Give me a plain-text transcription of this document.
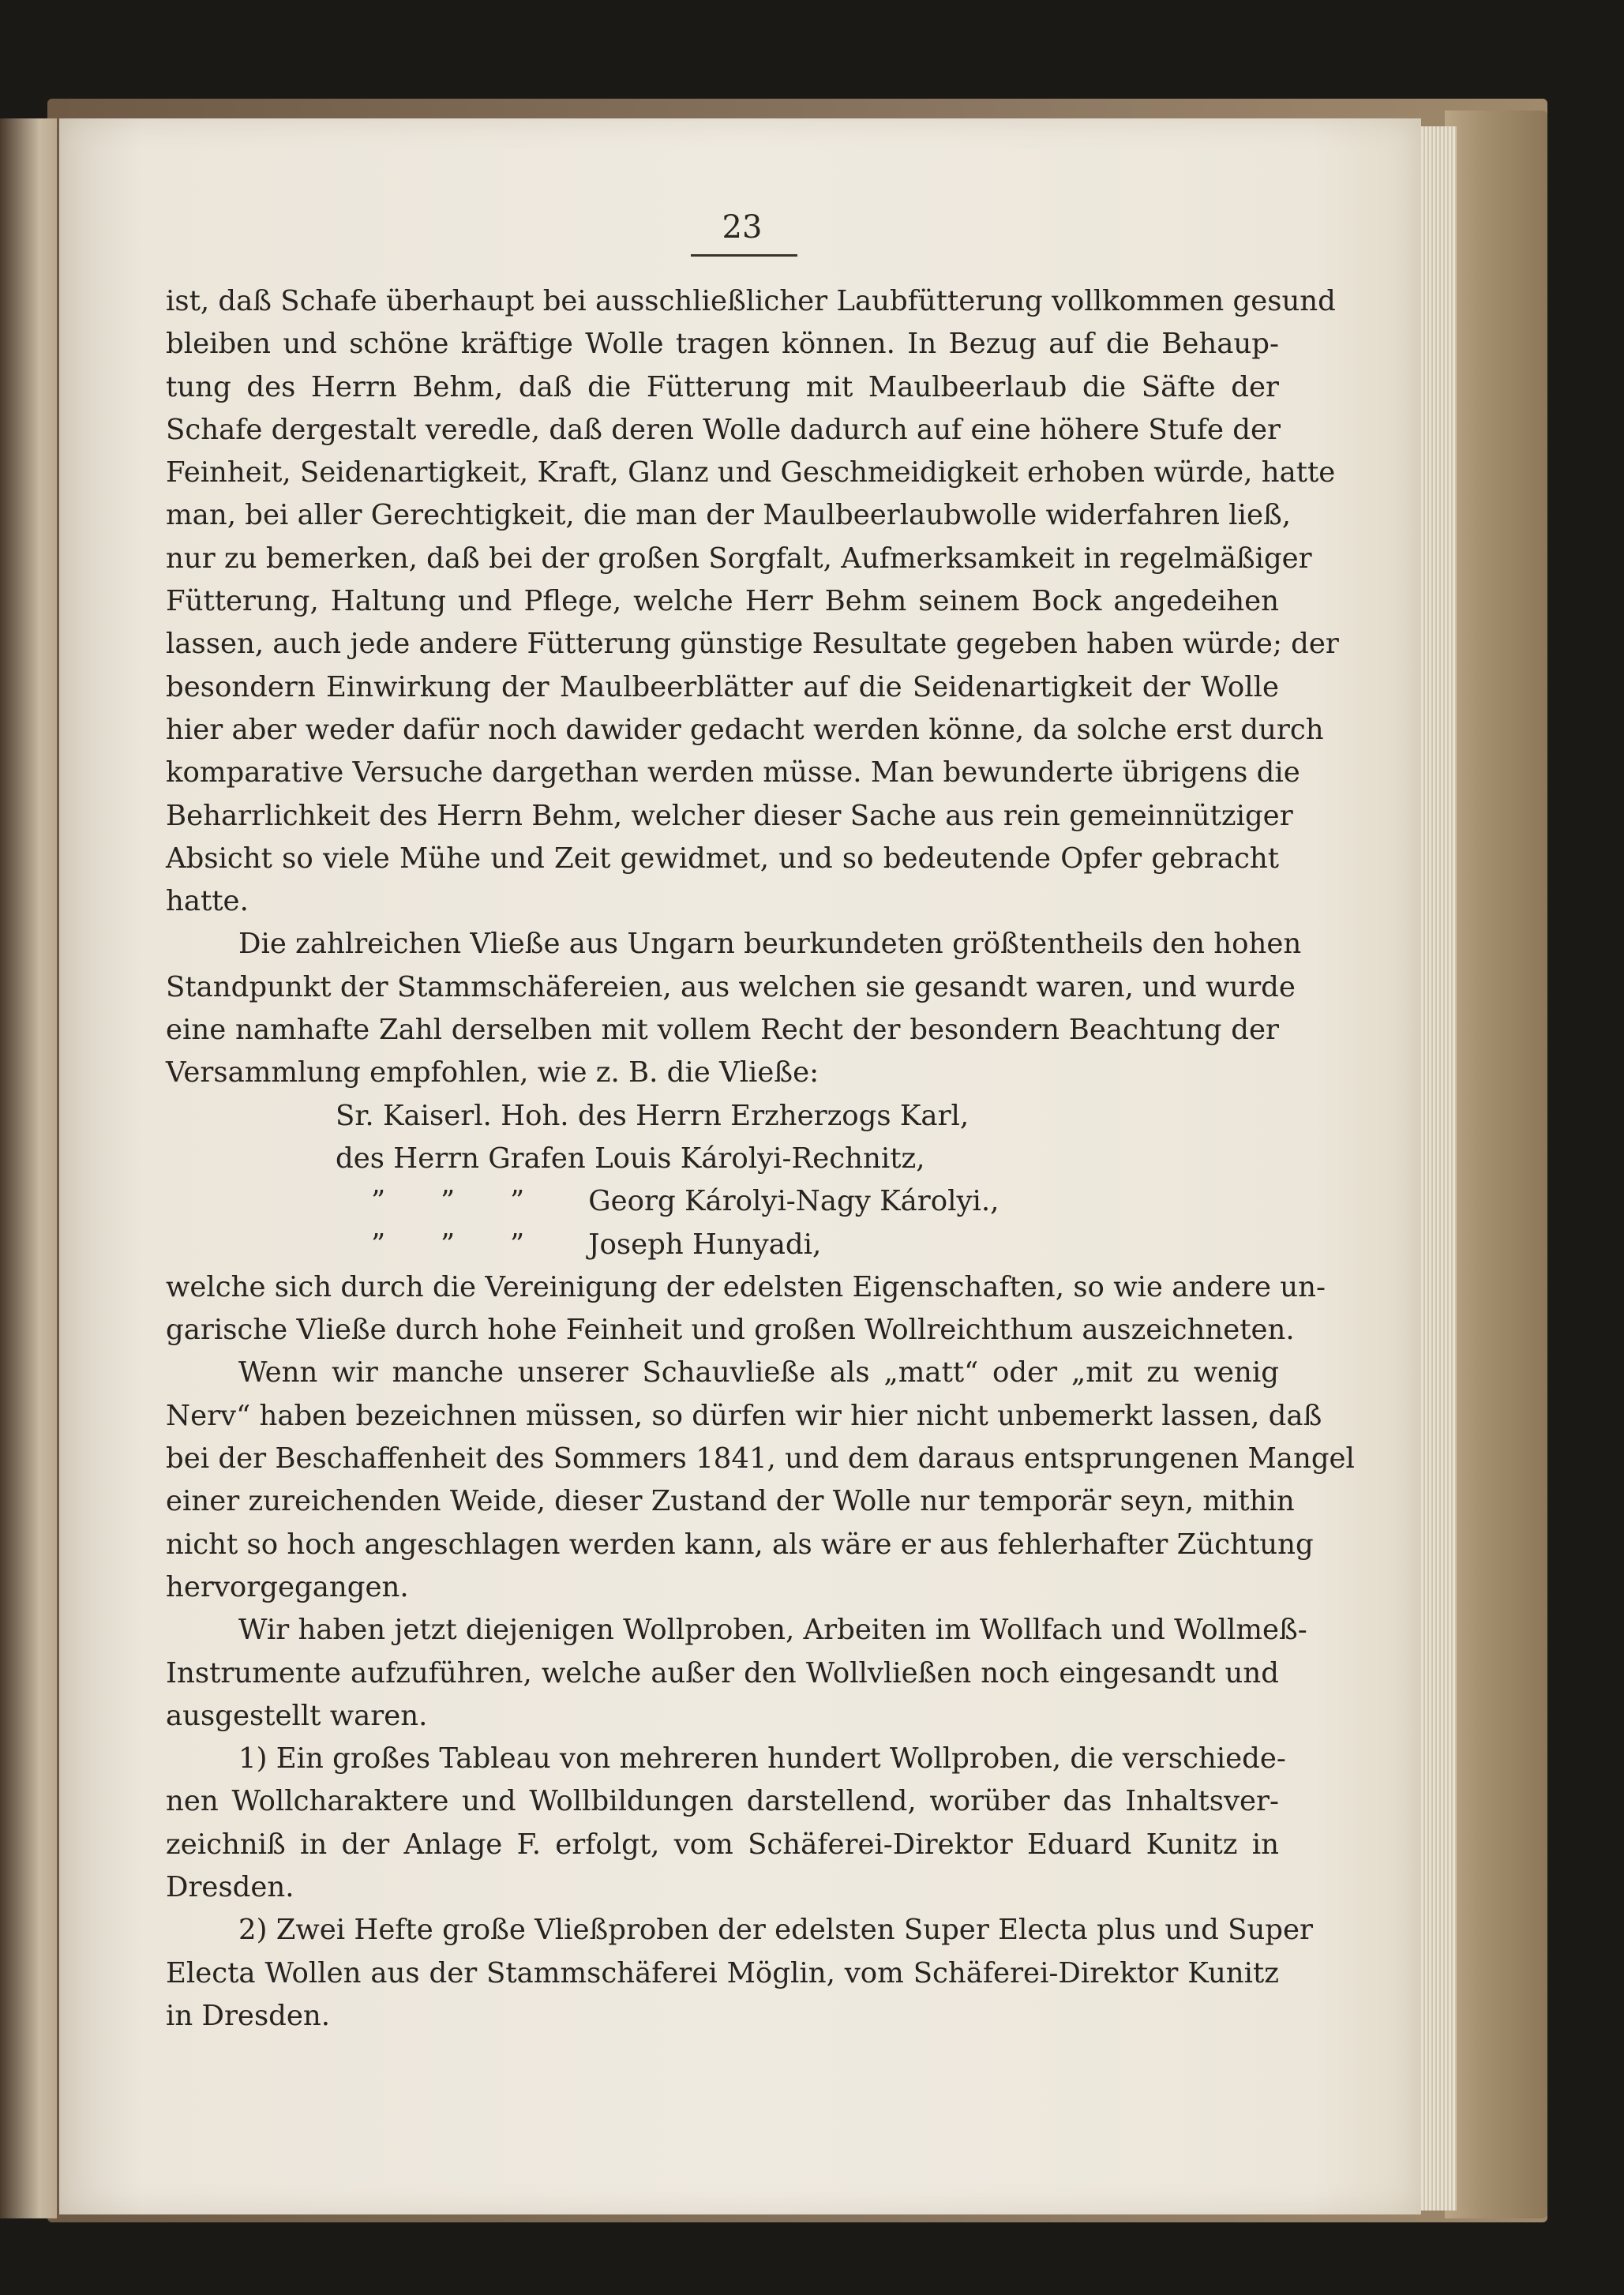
23
ist, daß Schafe überhaupt bei ausschließlicher Laubfütterung vollkommen gesund
bleiben und schöne kräftige Wolle tragen können. In Bezug auf die Behaup-
tung des Herrn Behm, daß die Fütterung mit Maulbeerlaub die Säfte der
Schafe dergestalt veredle, daß deren Wolle dadurch auf eine höhere Stufe der
Feinheit, Seidenartigkeit, Kraft, Glanz und Geschmeidigkeit erhoben würde, hatte
man, bei aller Gerechtigkeit, die man der Maulbeerlaubwolle widerfahren ließ,
nur zu bemerken, daß bei der großen Sorgfalt, Aufmerksamkeit in regelmäßiger
Fütterung, Haltung und Pflege, welche Herr Behm seinem Bock angedeihen
lassen, auch jede andere Fütterung günstige Resultate gegeben haben würde; der
besondern Einwirkung der Maulbeerblätter auf die Seidenartigkeit der Wolle
hier aber weder dafür noch dawider gedacht werden könne, da solche erst durch
komparative Versuche dargethan werden müsse. Man bewunderte übrigens die
Beharrlichkeit des Herrn Behm, welcher dieser Sache aus rein gemeinnütziger
Absicht so viele Mühe und Zeit gewidmet, und so bedeutende Opfer gebracht
hatte.
Die zahlreichen Vließe aus Ungarn beurkundeten größtentheils den hohen
Standpunkt der Stammschäfereien, aus welchen sie gesandt waren, und wurde
eine namhafte Zahl derselben mit vollem Recht der besondern Beachtung der
Versammlung empfohlen, wie z. B. die Vließe:
Sr. Kaiserl. Hoh. des Herrn Erzherzogs Karl,
des Herrn Grafen Louis Károlyi-Rechnitz,
” ” ” Georg Károlyi-Nagy Károlyi.,
” ” ” Joseph Hunyadi,
welche sich durch die Vereinigung der edelsten Eigenschaften, so wie andere un-
garische Vließe durch hohe Feinheit und großen Wollreichthum auszeichneten.
Wenn wir manche unserer Schauvließe als „matt“ oder „mit zu wenig
Nerv“ haben bezeichnen müssen, so dürfen wir hier nicht unbemerkt lassen, daß
bei der Beschaffenheit des Sommers 1841, und dem daraus entsprungenen Mangel
einer zureichenden Weide, dieser Zustand der Wolle nur temporär seyn, mithin
nicht so hoch angeschlagen werden kann, als wäre er aus fehlerhafter Züchtung
hervorgegangen.
Wir haben jetzt diejenigen Wollproben, Arbeiten im Wollfach und Wollmeß-
Instrumente aufzuführen, welche außer den Wollvließen noch eingesandt und
ausgestellt waren.
1) Ein großes Tableau von mehreren hundert Wollproben, die verschiede-
nen Wollcharaktere und Wollbildungen darstellend, worüber das Inhaltsver-
zeichniß in der Anlage F. erfolgt, vom Schäferei-Direktor Eduard Kunitz in
Dresden.
2) Zwei Hefte große Vließproben der edelsten Super Electa plus und Super
Electa Wollen aus der Stammschäferei Möglin, vom Schäferei-Direktor Kunitz
in Dresden.
